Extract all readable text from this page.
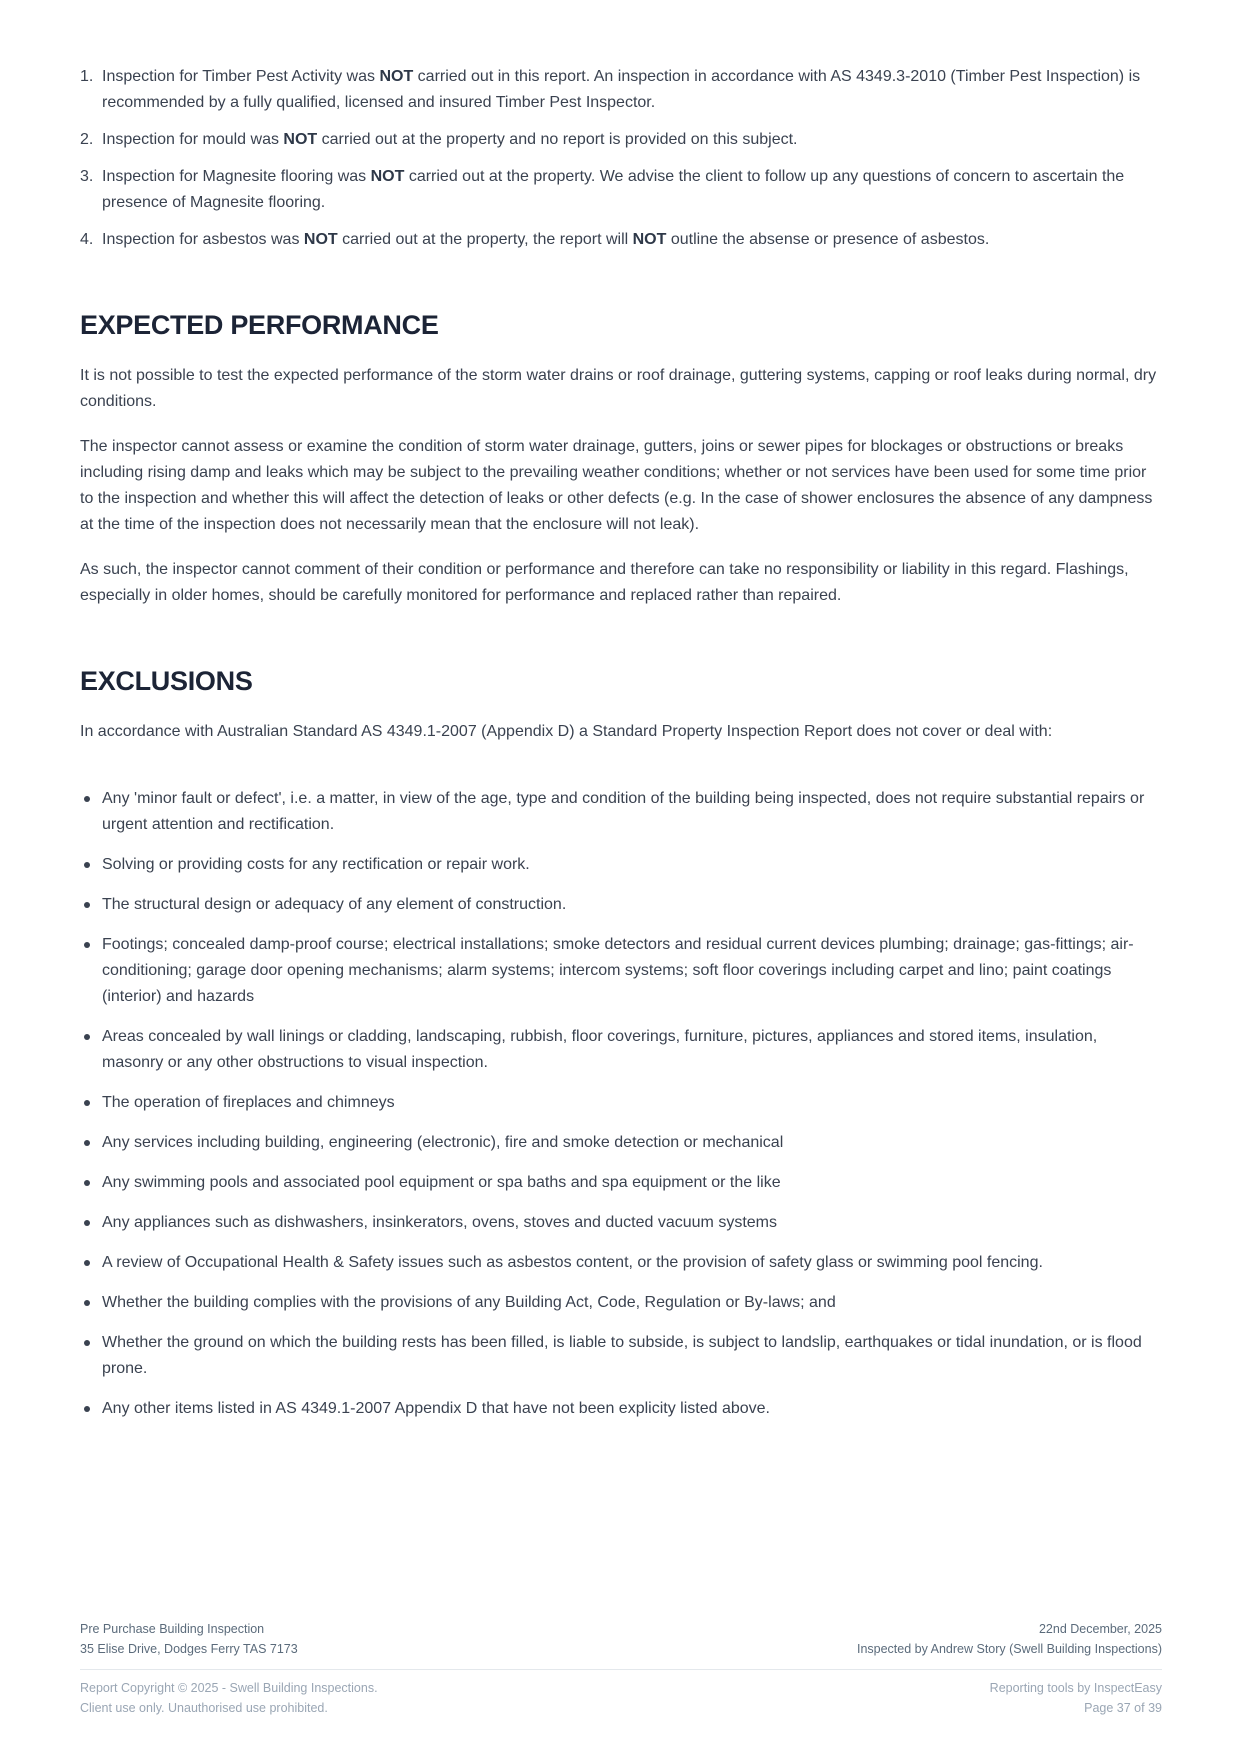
1. Inspection for Timber Pest Activity was NOT carried out in this report. An inspection in accordance with AS 4349.3-2010 (Timber Pest Inspection) is recommended by a fully qualified, licensed and insured Timber Pest Inspector.
2. Inspection for mould was NOT carried out at the property and no report is provided on this subject.
3. Inspection for Magnesite flooring was NOT carried out at the property. We advise the client to follow up any questions of concern to ascertain the presence of Magnesite flooring.
4. Inspection for asbestos was NOT carried out at the property, the report will NOT outline the absense or presence of asbestos.
EXPECTED PERFORMANCE

It is not possible to test the expected performance of the storm water drains or roof drainage, guttering systems, capping or roof leaks during normal, dry conditions.

The inspector cannot assess or examine the condition of storm water drainage, gutters, joins or sewer pipes for blockages or obstructions or breaks including rising damp and leaks which may be subject to the prevailing weather conditions; whether or not services have been used for some time prior to the inspection and whether this will affect the detection of leaks or other defects (e.g. In the case of shower enclosures the absence of any dampness at the time of the inspection does not necessarily mean that the enclosure will not leak).

As such, the inspector cannot comment of their condition or performance and therefore can take no responsibility or liability in this regard. Flashings, especially in older homes, should be carefully monitored for performance and replaced rather than repaired.

EXCLUSIONS

In accordance with Australian Standard AS 4349.1-2007 (Appendix D) a Standard Property Inspection Report does not cover or deal with:

Any 'minor fault or defect', i.e. a matter, in view of the age, type and condition of the building being inspected, does not require substantial repairs or urgent attention and rectification.
Solving or providing costs for any rectification or repair work.
The structural design or adequacy of any element of construction.
Footings; concealed damp-proof course; electrical installations; smoke detectors and residual current devices plumbing; drainage; gas-fittings; air-conditioning; garage door opening mechanisms; alarm systems; intercom systems; soft floor coverings including carpet and lino; paint coatings (interior) and hazards
Areas concealed by wall linings or cladding, landscaping, rubbish, floor coverings, furniture, pictures, appliances and stored items, insulation, masonry or any other obstructions to visual inspection.
The operation of fireplaces and chimneys
Any services including building, engineering (electronic), fire and smoke detection or mechanical
Any swimming pools and associated pool equipment or spa baths and spa equipment or the like
Any appliances such as dishwashers, insinkerators, ovens, stoves and ducted vacuum systems
A review of Occupational Health & Safety issues such as asbestos content, or the provision of safety glass or swimming pool fencing.
Whether the building complies with the provisions of any Building Act, Code, Regulation or By-laws; and
Whether the ground on which the building rests has been filled, is liable to subside, is subject to landslip, earthquakes or tidal inundation, or is flood prone.
Any other items listed in AS 4349.1-2007 Appendix D that have not been explicity listed above.
Pre Purchase Building Inspection
35 Elise Drive, Dodges Ferry TAS 7173
22nd December, 2025
Inspected by Andrew Story (Swell Building Inspections)
Report Copyright © 2025 - Swell Building Inspections.
Client use only. Unauthorised use prohibited.
Reporting tools by InspectEasy
Page 37 of 39
